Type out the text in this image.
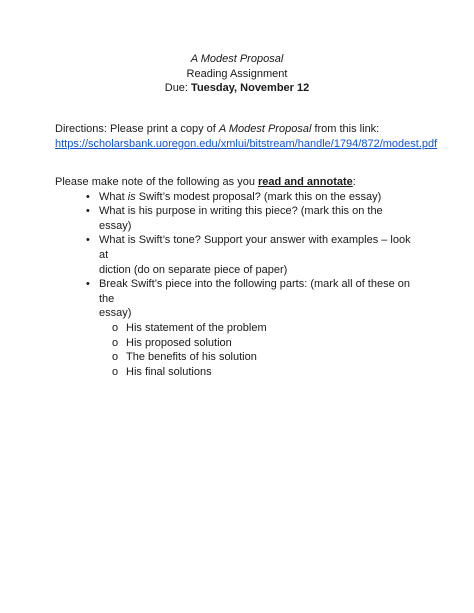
A Modest Proposal
Reading Assignment
Due: Tuesday, November 12
Directions: Please print a copy of A Modest Proposal from this link:
https://scholarsbank.uoregon.edu/xmlui/bitstream/handle/1794/872/modest.pdf
Please make note of the following as you read and annotate:
• What is Swift’s modest proposal? (mark this on the essay)
• What is his purpose in writing this piece? (mark this on the essay)
• What is Swift’s tone? Support your answer with examples – look at
diction (do on separate piece of paper)
• Break Swift’s piece into the following parts: (mark all of these on the
essay)
o His statement of the problem
o His proposed solution
o The benefits of his solution
o His final solutions
